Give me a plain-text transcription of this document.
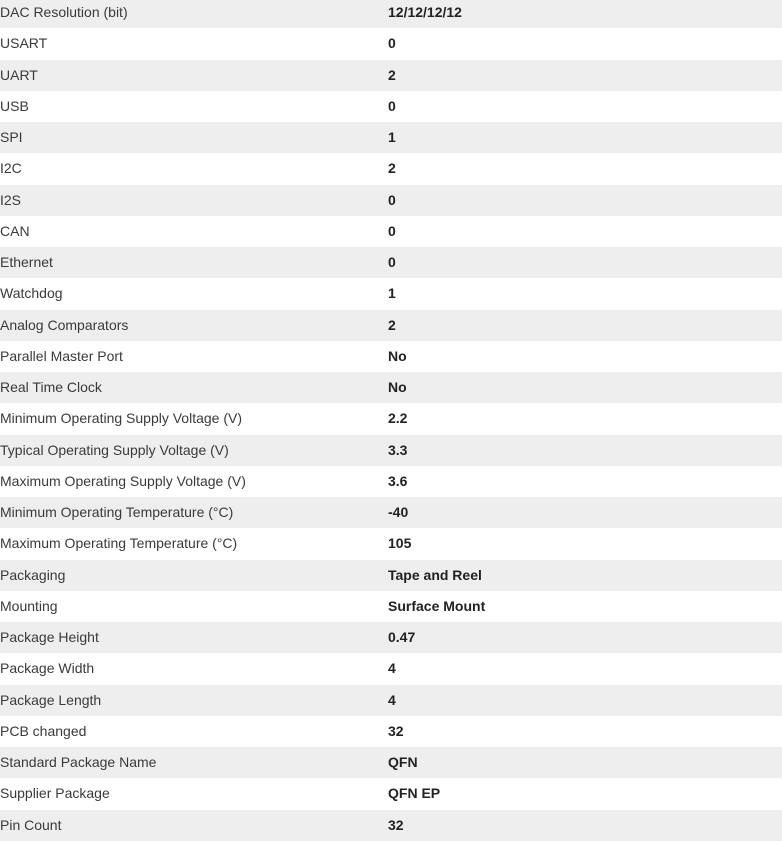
DAC Resolution (bit)	12/12/12/12
USART	0
UART	2
USB	0
SPI	1
I2C	2
I2S	0
CAN	0
Ethernet	0
Watchdog	1
Analog Comparators	2
Parallel Master Port	No
Real Time Clock	No
Minimum Operating Supply Voltage (V)	2.2
Typical Operating Supply Voltage (V)	3.3
Maximum Operating Supply Voltage (V)	3.6
Minimum Operating Temperature (°C)	-40
Maximum Operating Temperature (°C)	105
Packaging	Tape and Reel
Mounting	Surface Mount
Package Height	0.47
Package Width	4
Package Length	4
PCB changed	32
Standard Package Name	QFN
Supplier Package	QFN EP
Pin Count	32
